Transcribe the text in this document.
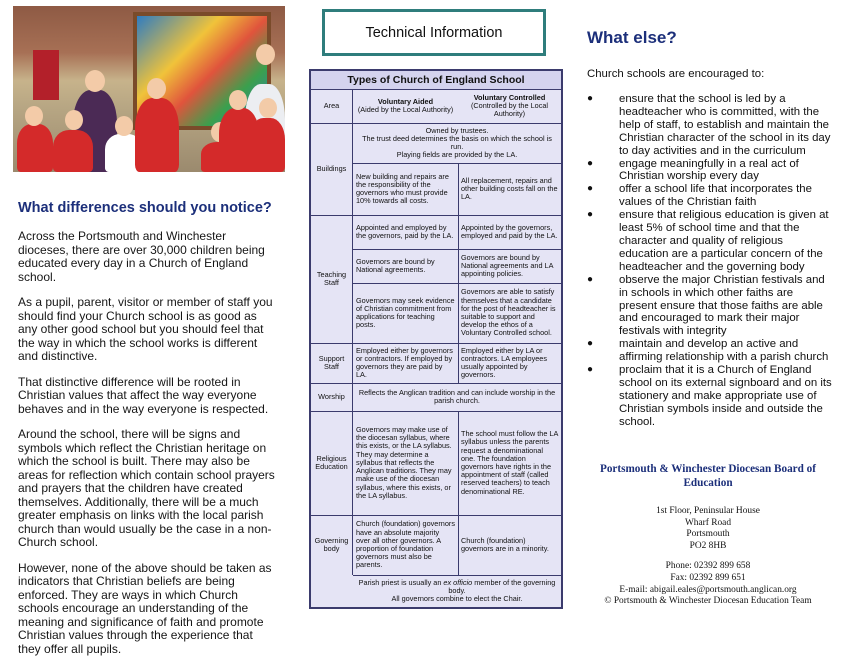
What differences should you notice?

Across the Portsmouth and Winchester dioceses, there are over 30,000 children being educated every day in a Church of England school.

As a pupil, parent, visitor or member of staff you should find your Church school is as good as any other good school but you should feel that the way in which the school works is different and distinctive.

That distinctive difference will be rooted in Christian values that affect the way everyone behaves and in the way everyone is respected.

Around the school, there will be signs and symbols which reflect the Christian heritage on which the school is built. There may also be areas for reflection which contain school prayers and prayers that the children have created themselves. Additionally, there will be a much greater emphasis on links with the local parish church than would usually be the case in a non-Church school.

However, none of the above should be taken as indicators that Christian beliefs are being enforced. They are ways in which Church schools encourage an understanding of the meaning and significance of faith and promote Christian values through the experience that they offer all pupils.

Technical Information
Types of Church of England School
Area	Voluntary Aided
(Aided by the Local Authority)
Voluntary Controlled
(Controlled by the Local Authority)
Buildings
Owned by trustees.
The trust deed determines the basis on which the school is run.
Playing fields are provided by the LA.
New building and repairs are the responsibility of the governors who must provide 10% towards all costs.
All replacement, repairs and other building costs fall on the LA.
Teaching Staff
Appointed and employed by the governors, paid by the LA.
Appointed by the governors, employed and paid by the LA.
Governors are bound by National agreements.
Governors are bound by National agreements and LA appointing policies.
Governors may seek evidence of Christian commitment from applications for teaching posts.
Governors are able to satisfy themselves that a candidate for the post of headteacher is suitable to support and develop the ethos of a Voluntary Controlled school.
Support Staff
Employed either by governors or contractors. If employed by governors they are paid by LA.
Employed either by LA or contractors. LA employees usually appointed by governors.
Worship	Reflects the Anglican tradition and can include worship in the parish church.
Religious Education
Governors may make use of the diocesan syllabus, where this exists, or the LA syllabus. They may determine a syllabus that reflects the Anglican traditions. They may make use of the diocesan syllabus, where this exists, or the LA syllabus.
The school must follow the LA syllabus unless the parents request a denominational one. The foundation governors have rights in the appointment of staff (called reserved teachers) to teach denominational RE.
Governing body
Church (foundation) governors have an absolute majority over all other governors. A proportion of foundation governors must also be parents.
Church (foundation) governors are in a minority.
Parish priest is usually an ex officio member of the governing body.
All governors combine to elect the Chair.
What else?

Church schools are encouraged to:

● ensure that the school is led by a headteacher who is committed, with the help of staff, to establish and maintain the Christian character of the school in its day to day activities and in the curriculum
● engage meaningfully in a real act of Christian worship every day
● offer a school life that incorporates the values of the Christian faith
● ensure that religious education is given at least 5% of school time and that the character and quality of religious education are a particular concern of the headteacher and the governing body
● observe the major Christian festivals and in schools in which other faiths are present ensure that those faiths are able and encouraged to mark their major festivals with integrity
● maintain and develop an active and affirming relationship with a parish church
● proclaim that it is a Church of England school on its external signboard and on its stationery and make appropriate use of Christian symbols inside and outside the school.
Portsmouth & Winchester Diocesan Board of Education
1st Floor, Peninsular House
Wharf Road
Portsmouth
PO2 8HB
Phone: 02392 899 658
Fax: 02392 899 651
E-mail: abigail.eales@portsmouth.anglican.org
© Portsmouth & Winchester Diocesan Education Team
